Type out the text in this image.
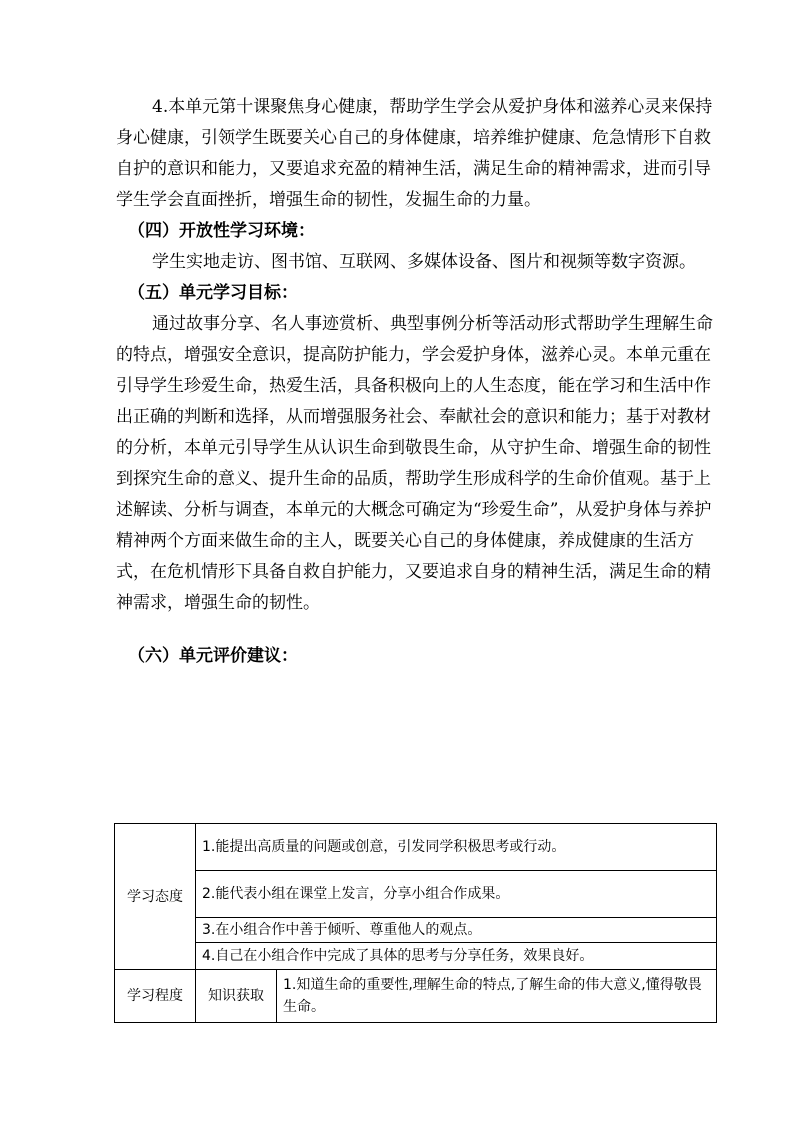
4.本单元第十课聚焦身心健康，帮助学生学会从爱护身体和滋养心灵来保持身心健康，引领学生既要关心自己的身体健康，培养维护健康、危急情形下自救自护的意识和能力，又要追求充盈的精神生活，满足生命的精神需求，进而引导学生学会直面挫折，增强生命的韧性，发掘生命的力量。

（四）开放性学习环境：

学生实地走访、图书馆、互联网、多媒体设备、图片和视频等数字资源。

（五）单元学习目标：

通过故事分享、名人事迹赏析、典型事例分析等活动形式帮助学生理解生命的特点，增强安全意识，提高防护能力，学会爱护身体，滋养心灵。本单元重在引导学生珍爱生命，热爱生活，具备积极向上的人生态度，能在学习和生活中作出正确的判断和选择，从而增强服务社会、奉献社会的意识和能力；基于对教材的分析，本单元引导学生从认识生命到敬畏生命，从守护生命、增强生命的韧性到探究生命的意义、提升生命的品质，帮助学生形成科学的生命价值观。基于上述解读、分析与调查，本单元的大概念可确定为“珍爱生命”，从爱护身体与养护精神两个方面来做生命的主人，既要关心自己的身体健康，养成健康的生活方式，在危机情形下具备自救自护能力，又要追求自身的精神生活，满足生命的精神需求，增强生命的韧性。

（六）单元评价建议：

学习态度	1.能提出高质量的问题或创意，引发同学积极思考或行动。	
	2.能代表小组在课堂上发言，分享小组合作成果。	
	3.在小组合作中善于倾听、尊重他人的观点。	
	4.自己在小组合作中完成了具体的思考与分享任务，效果良好。	
学习程度	知识获取	1.知道生命的重要性,理解生命的特点,了解生命的伟大意义,懂得敬畏生命。
